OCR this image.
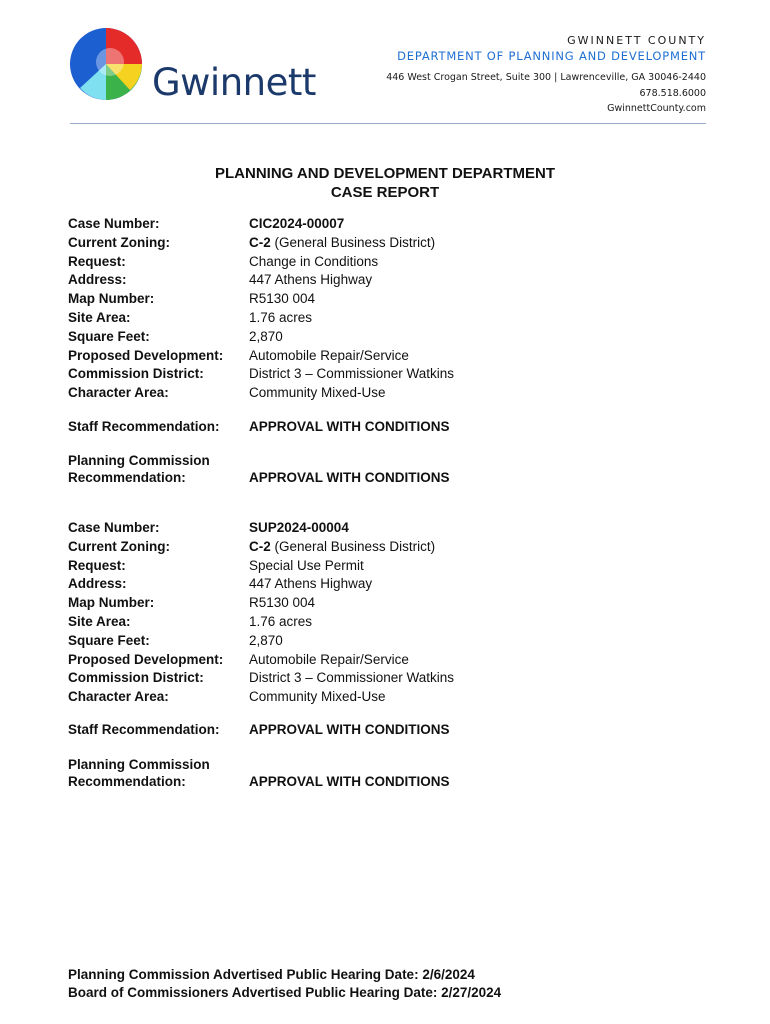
Gwinnett
GWINNETT COUNTY
DEPARTMENT OF PLANNING AND DEVELOPMENT
446 West Crogan Street, Suite 300 | Lawrenceville, GA 30046-2440
678.518.6000
GwinnettCounty.com
PLANNING AND DEVELOPMENT DEPARTMENT
CASE REPORT
Case Number:	CIC2024-00007
Current Zoning:	C-2 (General Business District)
Request:	Change in Conditions
Address:	447 Athens Highway
Map Number:	R5130 004
Site Area:	1.76 acres
Square Feet:	2,870
Proposed Development: Automobile Repair/Service
Commission District:	District 3 – Commissioner Watkins
Character Area:	Community Mixed-Use
Staff Recommendation: APPROVAL WITH CONDITIONS
Planning Commission
Recommendation:	APPROVAL WITH CONDITIONS
Case Number:	SUP2024-00004
Current Zoning:	C-2 (General Business District)
Request:	Special Use Permit
Address:	447 Athens Highway
Map Number:	R5130 004
Site Area:	1.76 acres
Square Feet:	2,870
Proposed Development: Automobile Repair/Service
Commission District:	District 3 – Commissioner Watkins
Character Area:	Community Mixed-Use
Staff Recommendation: APPROVAL WITH CONDITIONS
Planning Commission
Recommendation:	APPROVAL WITH CONDITIONS
Planning Commission Advertised Public Hearing Date: 2/6/2024
Board of Commissioners Advertised Public Hearing Date: 2/27/2024
